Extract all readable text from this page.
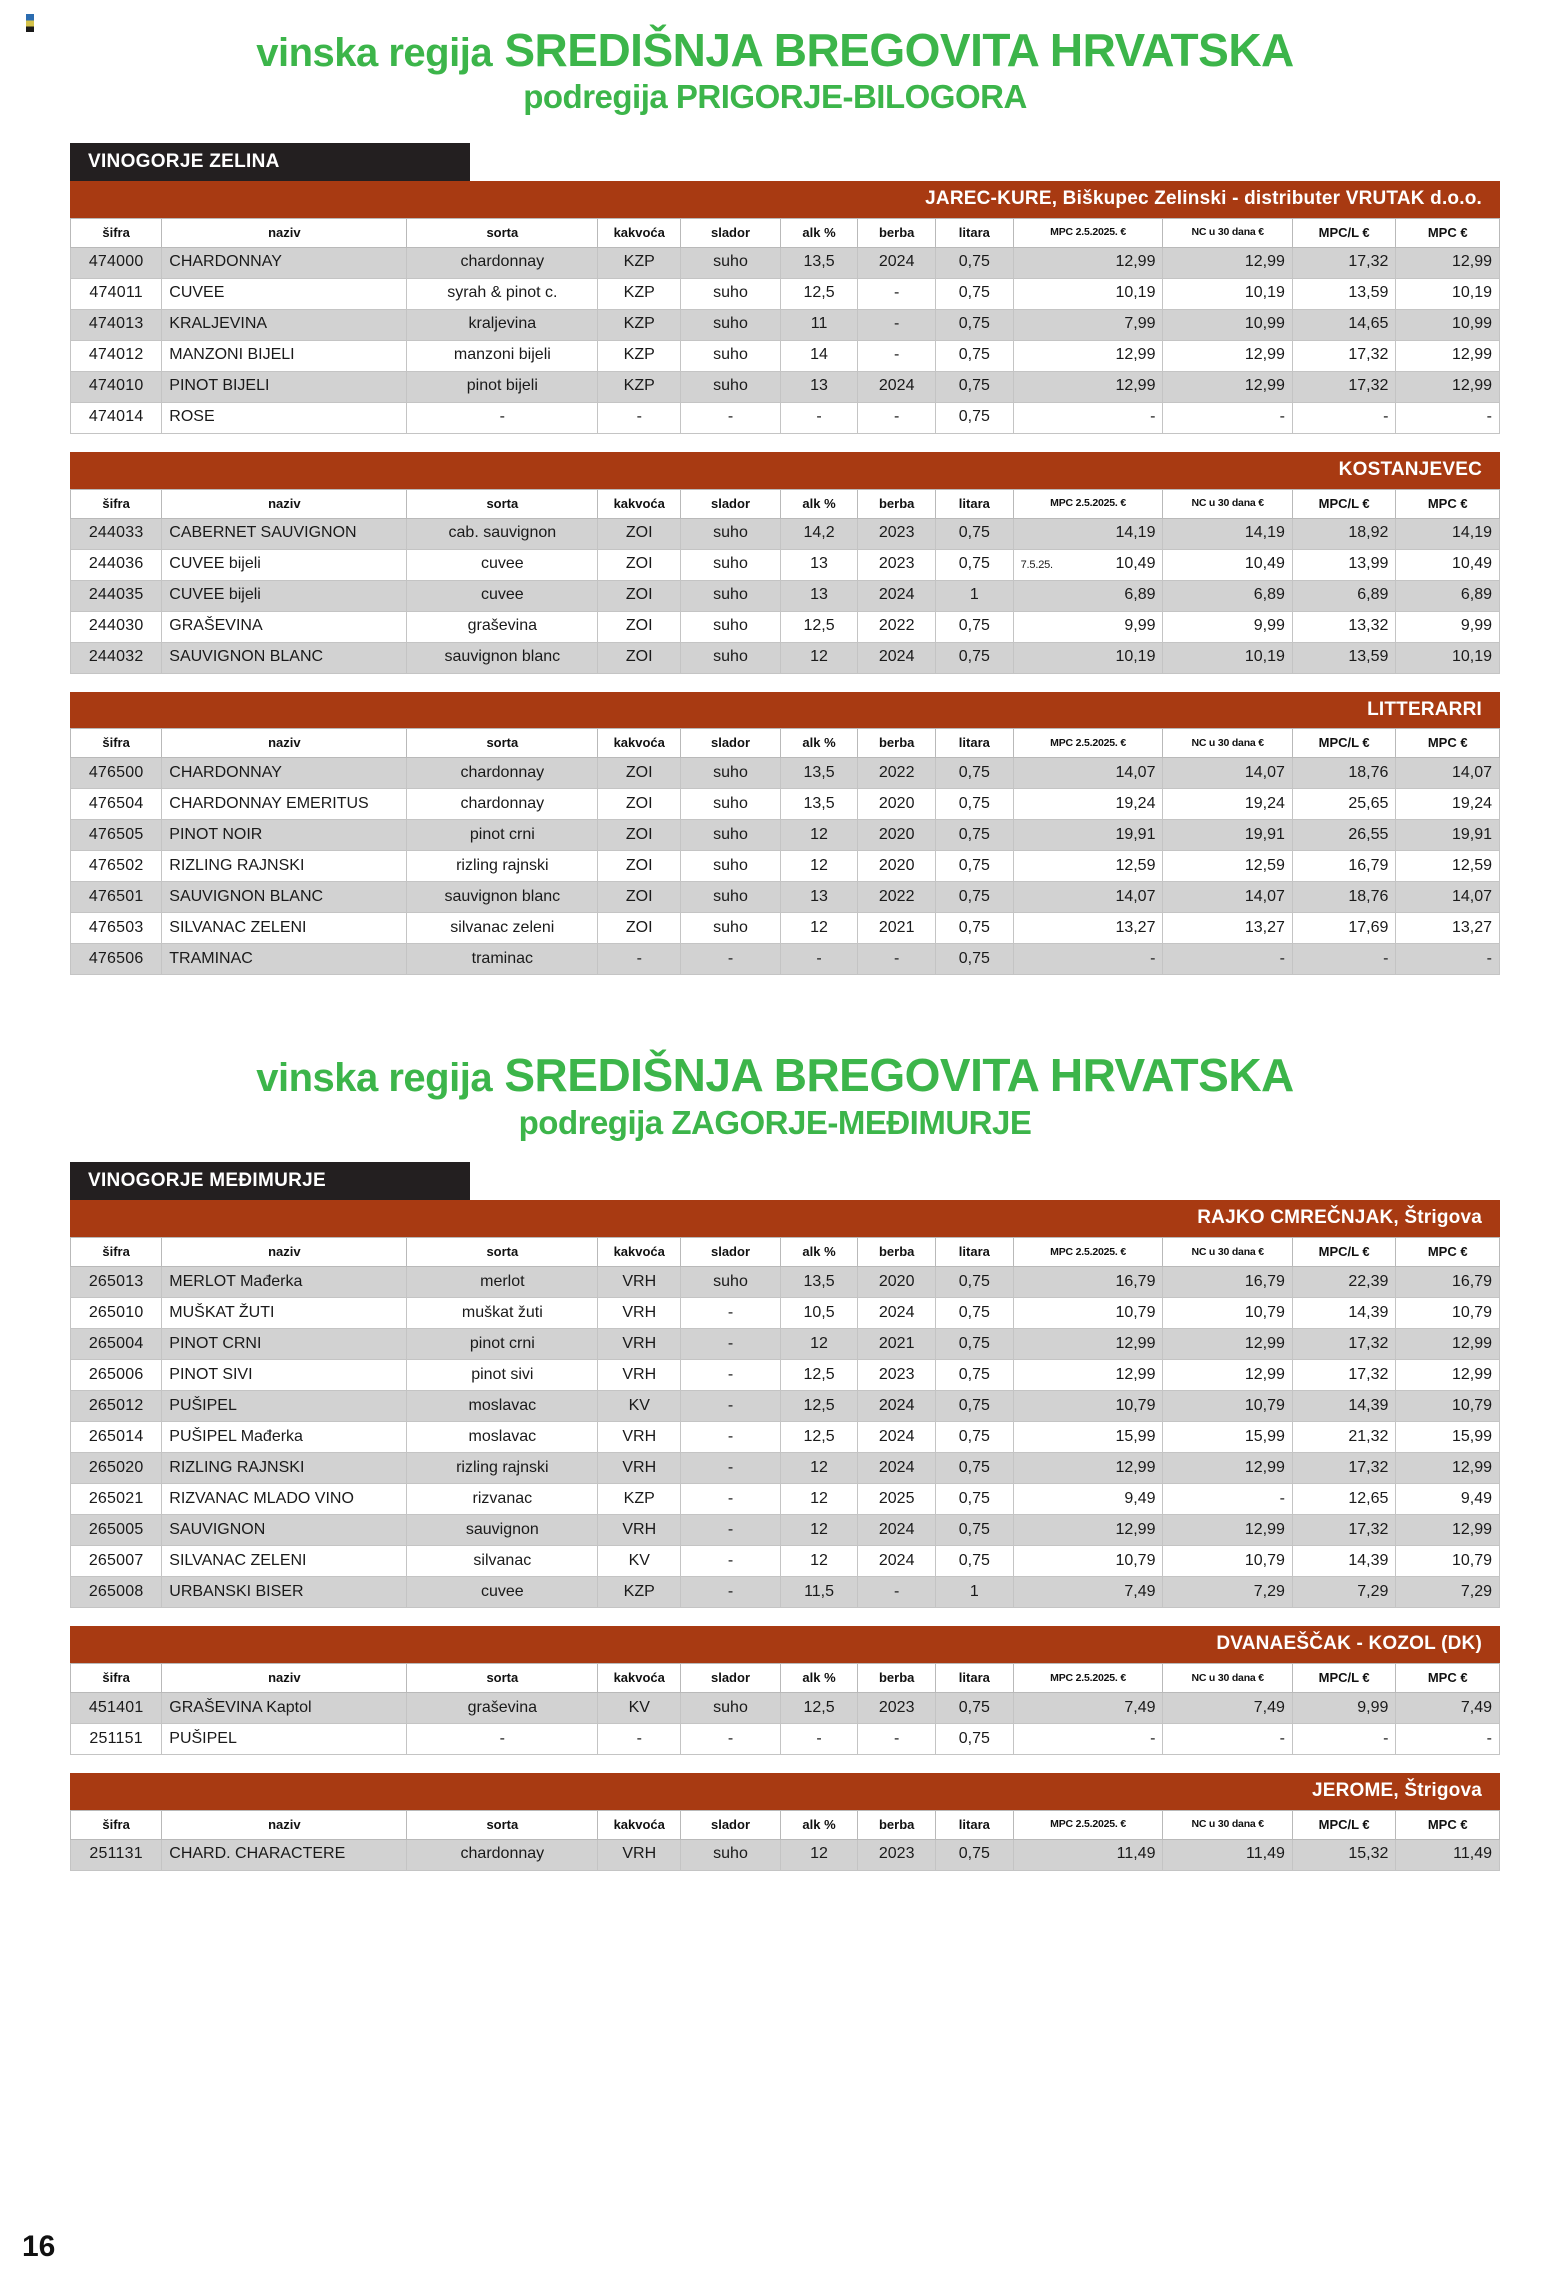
vinska regija SREDIŠNJA BREGOVITA HRVATSKA
podregija PRIGORJE-BILOGORA
VINOGORJE ZELINA
JAREC-KURE, Biškupec Zelinski - distributer VRUTAK d.o.o.
šifra	naziv	sorta	kakvoća	slador	alk %	berba	litara	MPC 2.5.2025. €	NC u 30 dana €	MPC/L €	MPC €
474000	CHARDONNAY	chardonnay	KZP	suho	13,5	2024	0,75	12,99	12,99	17,32	12,99
474011	CUVEE	syrah & pinot c.	KZP	suho	12,5	-	0,75	10,19	10,19	13,59	10,19
474013	KRALJEVINA	kraljevina	KZP	suho	11	-	0,75	7,99	10,99	14,65	10,99
474012	MANZONI BIJELI	manzoni bijeli	KZP	suho	14	-	0,75	12,99	12,99	17,32	12,99
474010	PINOT BIJELI	pinot bijeli	KZP	suho	13	2024	0,75	12,99	12,99	17,32	12,99
474014	ROSE	-	-	-	-	-	0,75	-	-	-	-
KOSTANJEVEC
šifra	naziv	sorta	kakvoća	slador	alk %	berba	litara	MPC 2.5.2025. €	NC u 30 dana €	MPC/L €	MPC €
244033	CABERNET SAUVIGNON	cab. sauvignon	ZOI	suho	14,2	2023	0,75	14,19	14,19	18,92	14,19
244036	CUVEE bijeli	cuvee	ZOI	suho	13	2023	0,75	7.5.25. 10,49	10,49	13,99	10,49
244035	CUVEE bijeli	cuvee	ZOI	suho	13	2024	1	6,89	6,89	6,89	6,89
244030	GRAŠEVINA	graševina	ZOI	suho	12,5	2022	0,75	9,99	9,99	13,32	9,99
244032	SAUVIGNON BLANC	sauvignon blanc	ZOI	suho	12	2024	0,75	10,19	10,19	13,59	10,19
LITTERARRI
šifra	naziv	sorta	kakvoća	slador	alk %	berba	litara	MPC 2.5.2025. €	NC u 30 dana €	MPC/L €	MPC €
476500	CHARDONNAY	chardonnay	ZOI	suho	13,5	2022	0,75	14,07	14,07	18,76	14,07
476504	CHARDONNAY EMERITUS	chardonnay	ZOI	suho	13,5	2020	0,75	19,24	19,24	25,65	19,24
476505	PINOT NOIR	pinot crni	ZOI	suho	12	2020	0,75	19,91	19,91	26,55	19,91
476502	RIZLING RAJNSKI	rizling rajnski	ZOI	suho	12	2020	0,75	12,59	12,59	16,79	12,59
476501	SAUVIGNON BLANC	sauvignon blanc	ZOI	suho	13	2022	0,75	14,07	14,07	18,76	14,07
476503	SILVANAC ZELENI	silvanac zeleni	ZOI	suho	12	2021	0,75	13,27	13,27	17,69	13,27
476506	TRAMINAC	traminac	-	-	-	-	0,75	-	-	-	-
vinska regija SREDIŠNJA BREGOVITA HRVATSKA
podregija ZAGORJE-MEĐIMURJE
VINOGORJE MEĐIMURJE
RAJKO CMREČNJAK, Štrigova
šifra	naziv	sorta	kakvoća	slador	alk %	berba	litara	MPC 2.5.2025. €	NC u 30 dana €	MPC/L €	MPC €
265013	MERLOT Mađerka	merlot	VRH	suho	13,5	2020	0,75	16,79	16,79	22,39	16,79
265010	MUŠKAT ŽUTI	muškat žuti	VRH	-	10,5	2024	0,75	10,79	10,79	14,39	10,79
265004	PINOT CRNI	pinot crni	VRH	-	12	2021	0,75	12,99	12,99	17,32	12,99
265006	PINOT SIVI	pinot sivi	VRH	-	12,5	2023	0,75	12,99	12,99	17,32	12,99
265012	PUŠIPEL	moslavac	KV	-	12,5	2024	0,75	10,79	10,79	14,39	10,79
265014	PUŠIPEL Mađerka	moslavac	VRH	-	12,5	2024	0,75	15,99	15,99	21,32	15,99
265020	RIZLING RAJNSKI	rizling rajnski	VRH	-	12	2024	0,75	12,99	12,99	17,32	12,99
265021	RIZVANAC MLADO VINO	rizvanac	KZP	-	12	2025	0,75	9,49	-	12,65	9,49
265005	SAUVIGNON	sauvignon	VRH	-	12	2024	0,75	12,99	12,99	17,32	12,99
265007	SILVANAC ZELENI	silvanac	KV	-	12	2024	0,75	10,79	10,79	14,39	10,79
265008	URBANSKI BISER	cuvee	KZP	-	11,5	-	1	7,49	7,29	7,29	7,29
DVANAEŠČAK - KOZOL (DK)
šifra	naziv	sorta	kakvoća	slador	alk %	berba	litara	MPC 2.5.2025. €	NC u 30 dana €	MPC/L €	MPC €
451401	GRAŠEVINA Kaptol	graševina	KV	suho	12,5	2023	0,75	7,49	7,49	9,99	7,49
251151	PUŠIPEL	-	-	-	-	-	0,75	-	-	-	-
JEROME, Štrigova
šifra	naziv	sorta	kakvoća	slador	alk %	berba	litara	MPC 2.5.2025. €	NC u 30 dana €	MPC/L €	MPC €
251131	CHARD. CHARACTERE	chardonnay	VRH	suho	12	2023	0,75	11,49	11,49	15,32	11,49
16
